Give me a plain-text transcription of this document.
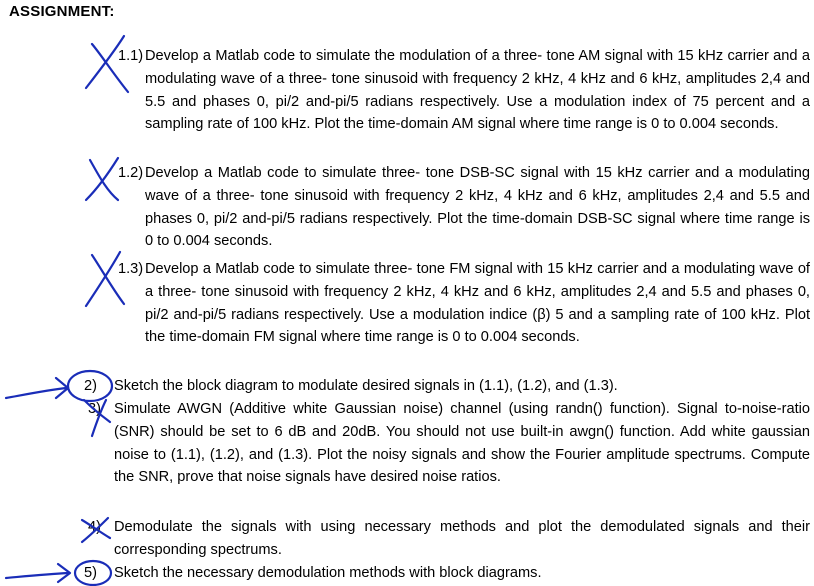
ASSIGNMENT:
1.1) Develop a Matlab code to simulate the modulation of a three- tone AM signal with 15 kHz carrier and a modulating wave of a three- tone sinusoid with frequency 2 kHz, 4 kHz and 6 kHz, amplitudes 2,4 and 5.5 and phases 0, pi/2 and-pi/5 radians respectively. Use a modulation index of 75 percent and a sampling rate of 100 kHz. Plot the time-domain AM signal where time range is 0 to 0.004 seconds.
1.2) Develop a Matlab code to simulate three- tone DSB-SC signal with 15 kHz carrier and a modulating wave of a three- tone sinusoid with frequency 2 kHz, 4 kHz and 6 kHz, amplitudes 2,4 and 5.5 and phases 0, pi/2 and-pi/5 radians respectively. Plot the time-domain DSB-SC signal where time range is 0 to 0.004 seconds.
1.3) Develop a Matlab code to simulate three- tone FM signal with 15 kHz carrier and a modulating wave of a three- tone sinusoid with frequency 2 kHz, 4 kHz and 6 kHz, amplitudes 2,4 and 5.5 and phases 0, pi/2 and-pi/5 radians respectively. Use a modulation indice (β) 5 and a sampling rate of 100 kHz. Plot the time-domain FM signal where time range is 0 to 0.004 seconds.
2) Sketch the block diagram to modulate desired signals in (1.1), (1.2), and (1.3).
3) Simulate AWGN (Additive white Gaussian noise) channel (using randn() function). Signal to-noise-ratio (SNR) should be set to 6 dB and 20dB. You should not use built-in awgn() function. Add white gaussian noise to (1.1), (1.2), and (1.3). Plot the noisy signals and show the Fourier amplitude spectrums. Compute the SNR, prove that noise signals have desired noise ratios.
4) Demodulate the signals with using necessary methods and plot the demodulated signals and their corresponding spectrums.
5) Sketch the necessary demodulation methods with block diagrams.
